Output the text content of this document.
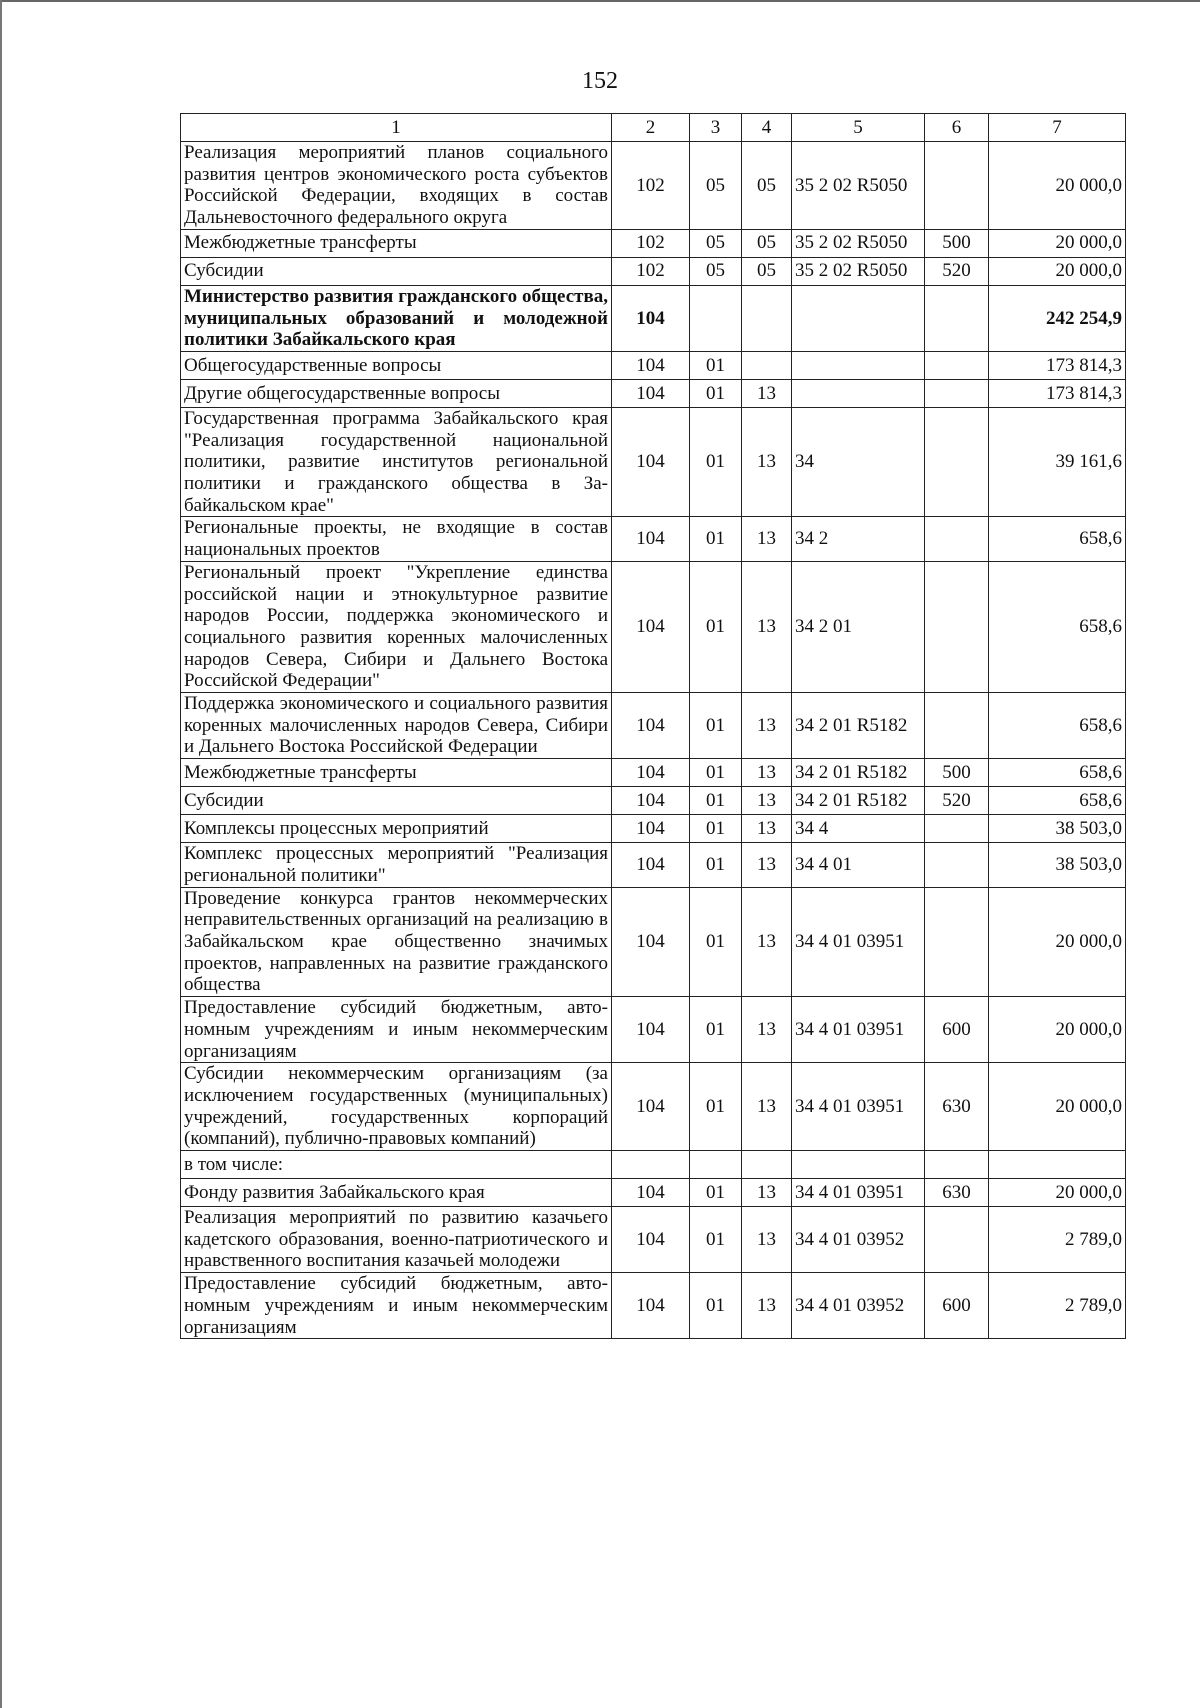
152
1	2	3	4	5	6	7
Реализация мероприятий планов социального развития центров экономического роста субъектов Российской Федерации, входящих в состав Дальневосточного федерального округа	102	05	05	35 2 02 R5050		20 000,0
Межбюджетные трансферты	102	05	05	35 2 02 R5050	500	20 000,0
Субсидии	102	05	05	35 2 02 R5050	520	20 000,0
Министерство развития гражданского общества, муниципальных образований и молодежной политики Забайкальского края	104					242 254,9
Общегосударственные вопросы	104	01				173 814,3
Другие общегосударственные вопросы	104	01	13			173 814,3
Государственная программа Забайкальского края "Реализация государственной национальной политики, развитие институтов региональной политики и гражданского общества в Забайкальском крае"	104	01	13	34		39 161,6
Региональные проекты, не входящие в состав национальных проектов	104	01	13	34 2		658,6
Региональный проект "Укрепление единства российской нации и этнокультурное развитие народов России, поддержка экономического и социального развития коренных малочисленных народов Севера, Сибири и Дальнего Востока Российской Федерации"	104	01	13	34 2 01		658,6
Поддержка экономического и социального развития коренных малочисленных народов Севера, Сибири и Дальнего Востока Российской Федерации	104	01	13	34 2 01 R5182		658,6
Межбюджетные трансферты	104	01	13	34 2 01 R5182	500	658,6
Субсидии	104	01	13	34 2 01 R5182	520	658,6
Комплексы процессных мероприятий	104	01	13	34 4		38 503,0
Комплекс процессных мероприятий "Реализация региональной политики"	104	01	13	34 4 01		38 503,0
Проведение конкурса грантов некоммерческих неправительственных организаций на реализацию в Забайкальском крае общественно значимых проектов, направленных на развитие гражданского общества	104	01	13	34 4 01 03951		20 000,0
Предоставление субсидий бюджетным, автономным учреждениям и иным некоммерческим организациям	104	01	13	34 4 01 03951	600	20 000,0
Субсидии некоммерческим организациям (за исключением государственных (муниципальных) учреждений, государственных корпораций (компаний), публично-правовых компаний)	104	01	13	34 4 01 03951	630	20 000,0
в том числе:						
Фонду развития Забайкальского края	104	01	13	34 4 01 03951	630	20 000,0
Реализация мероприятий по развитию казачьего кадетского образования, военно-патриотического и нравственного воспитания казачьей молодежи	104	01	13	34 4 01 03952		2 789,0
Предоставление субсидий бюджетным, автономным учреждениям и иным некоммерческим организациям	104	01	13	34 4 01 03952	600	2 789,0
